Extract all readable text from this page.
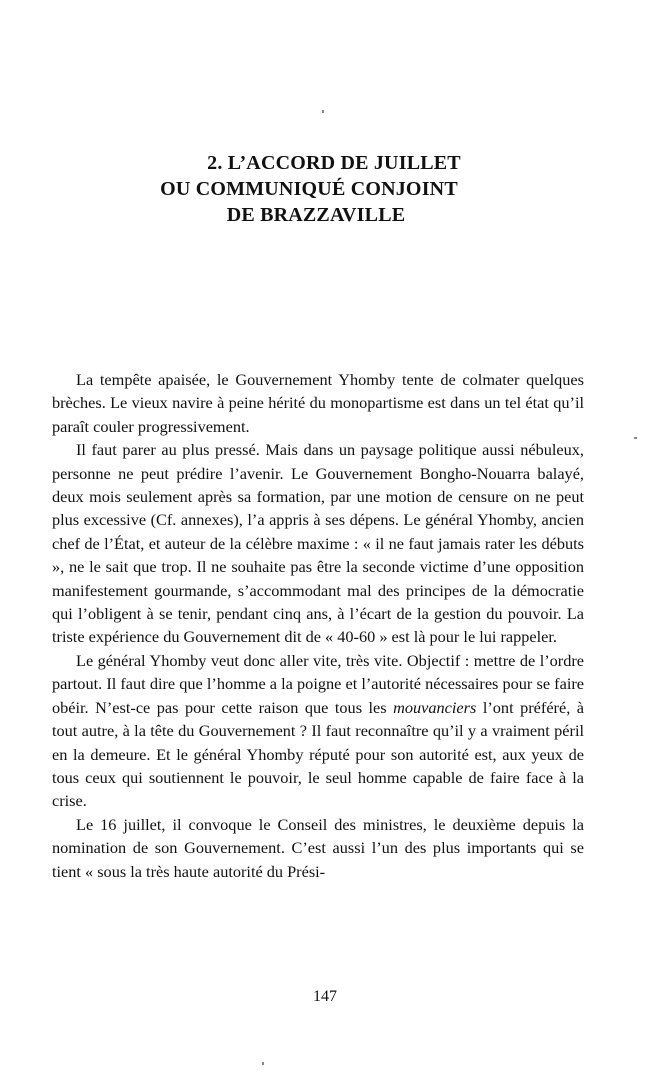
2. L’ACCORD DE JUILLET
OU COMMUNIQUÉ CONJOINT
DE BRAZZAVILLE

La tempête apaisée, le Gouvernement Yhomby tente de colmater quelques brèches. Le vieux navire à peine hérité du monopartisme est dans un tel état qu’il paraît couler progressivement.

Il faut parer au plus pressé. Mais dans un paysage politique aussi nébuleux, personne ne peut prédire l’avenir. Le Gouvernement Bongho-Nouarra balayé, deux mois seulement après sa formation, par une motion de censure on ne peut plus excessive (Cf. annexes), l’a appris à ses dépens. Le général Yhomby, ancien chef de l’État, et auteur de la célèbre maxime : « il ne faut jamais rater les débuts », ne le sait que trop. Il ne souhaite pas être la seconde victime d’une opposition manifestement gourmande, s’accommodant mal des principes de la démocratie qui l’obligent à se tenir, pendant cinq ans, à l’écart de la gestion du pouvoir. La triste expérience du Gouvernement dit de « 40-60 » est là pour le lui rappeler.

Le général Yhomby veut donc aller vite, très vite. Objectif : mettre de l’ordre partout. Il faut dire que l’homme a la poigne et l’autorité nécessaires pour se faire obéir. N’est-ce pas pour cette raison que tous les mouvanciers l’ont préféré, à tout autre, à la tête du Gouvernement ? Il faut reconnaître qu’il y a vraiment péril en la demeure. Et le général Yhomby réputé pour son autorité est, aux yeux de tous ceux qui soutiennent le pouvoir, le seul homme capable de faire face à la crise.

Le 16 juillet, il convoque le Conseil des ministres, le deuxième depuis la nomination de son Gouvernement. C’est aussi l’un des plus importants qui se tient « sous la très haute autorité du Prési-

147
